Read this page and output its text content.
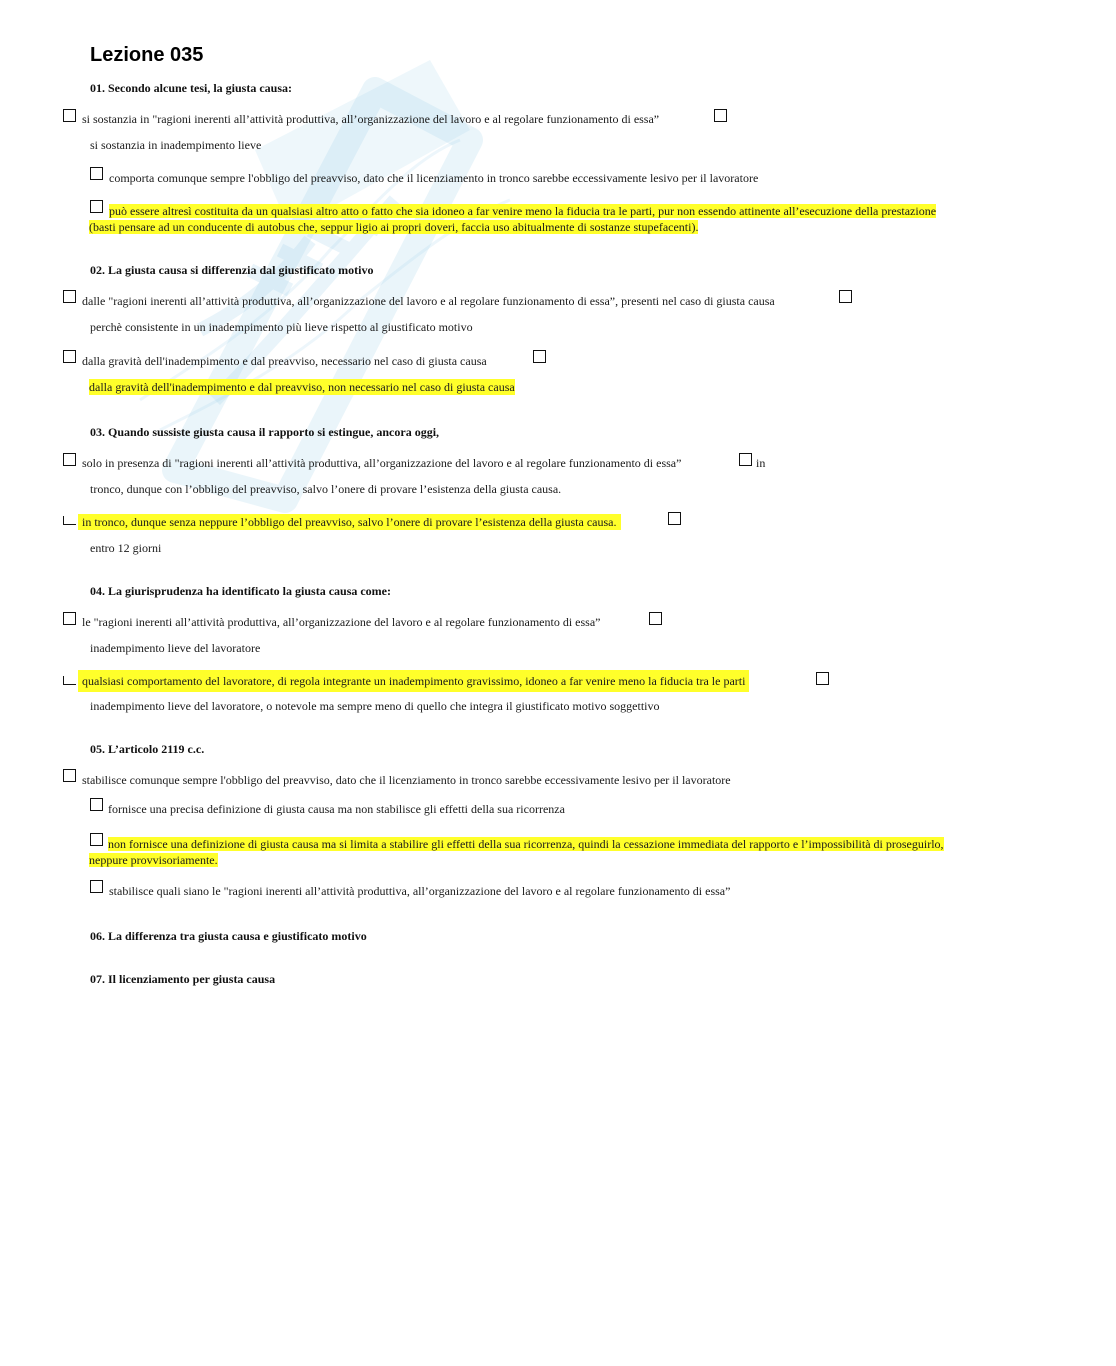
Lezione 035
01. Secondo alcune tesi, la giusta causa:
si sostanzia in "ragioni inerenti all’attività produttiva, all’organizzazione del lavoro e al regolare funzionamento di essa”
si sostanzia in inadempimento lieve
comporta comunque sempre l'obbligo del preavviso, dato che il licenziamento in tronco sarebbe eccessivamente lesivo per il lavoratore
può essere altresì costituita da un qualsiasi altro atto o fatto che sia idoneo a far venire meno la fiducia tra le parti, pur non essendo attinente all’esecuzione della prestazione (basti pensare ad un conducente di autobus che, seppur ligio ai propri doveri, faccia uso abitualmente di sostanze stupefacenti).
02. La giusta causa si differenzia dal giustificato motivo
dalle "ragioni inerenti all’attività produttiva, all’organizzazione del lavoro e al regolare funzionamento di essa”, presenti nel caso di giusta causa
perchè consistente in un inadempimento più lieve rispetto al giustificato motivo
dalla gravità dell'inadempimento e dal preavviso, necessario nel caso di giusta causa
dalla gravità dell'inadempimento e dal preavviso, non necessario nel caso di giusta causa
03. Quando sussiste giusta causa il rapporto si estingue, ancora oggi,
solo in presenza di "ragioni inerenti all’attività produttiva, all’organizzazione del lavoro e al regolare funzionamento di essa”	in
tronco, dunque con l’obbligo del preavviso, salvo l’onere di provare l’esistenza della giusta causa.
in tronco, dunque senza neppure l’obbligo del preavviso, salvo l’onere di provare l’esistenza della giusta causa.
entro 12 giorni
04. La giurisprudenza ha identificato la giusta causa come:
le "ragioni inerenti all’attività produttiva, all’organizzazione del lavoro e al regolare funzionamento di essa”
inadempimento lieve del lavoratore
qualsiasi comportamento del lavoratore, di regola integrante un inadempimento gravissimo, idoneo a far venire meno la fiducia tra le parti
inadempimento lieve del lavoratore, o notevole ma sempre meno di quello che integra il giustificato motivo soggettivo
05. L’articolo 2119 c.c.
stabilisce comunque sempre l'obbligo del preavviso, dato che il licenziamento in tronco sarebbe eccessivamente lesivo per il lavoratore
fornisce una precisa definizione di giusta causa ma non stabilisce gli effetti della sua ricorrenza
non fornisce una definizione di giusta causa ma si limita a stabilire gli effetti della sua ricorrenza, quindi la cessazione immediata del rapporto e l’impossibilità di proseguirlo, neppure provvisoriamente.
stabilisce quali siano le "ragioni inerenti all’attività produttiva, all’organizzazione del lavoro e al regolare funzionamento di essa”
06. La differenza tra giusta causa e giustificato motivo
07. Il licenziamento per giusta causa
